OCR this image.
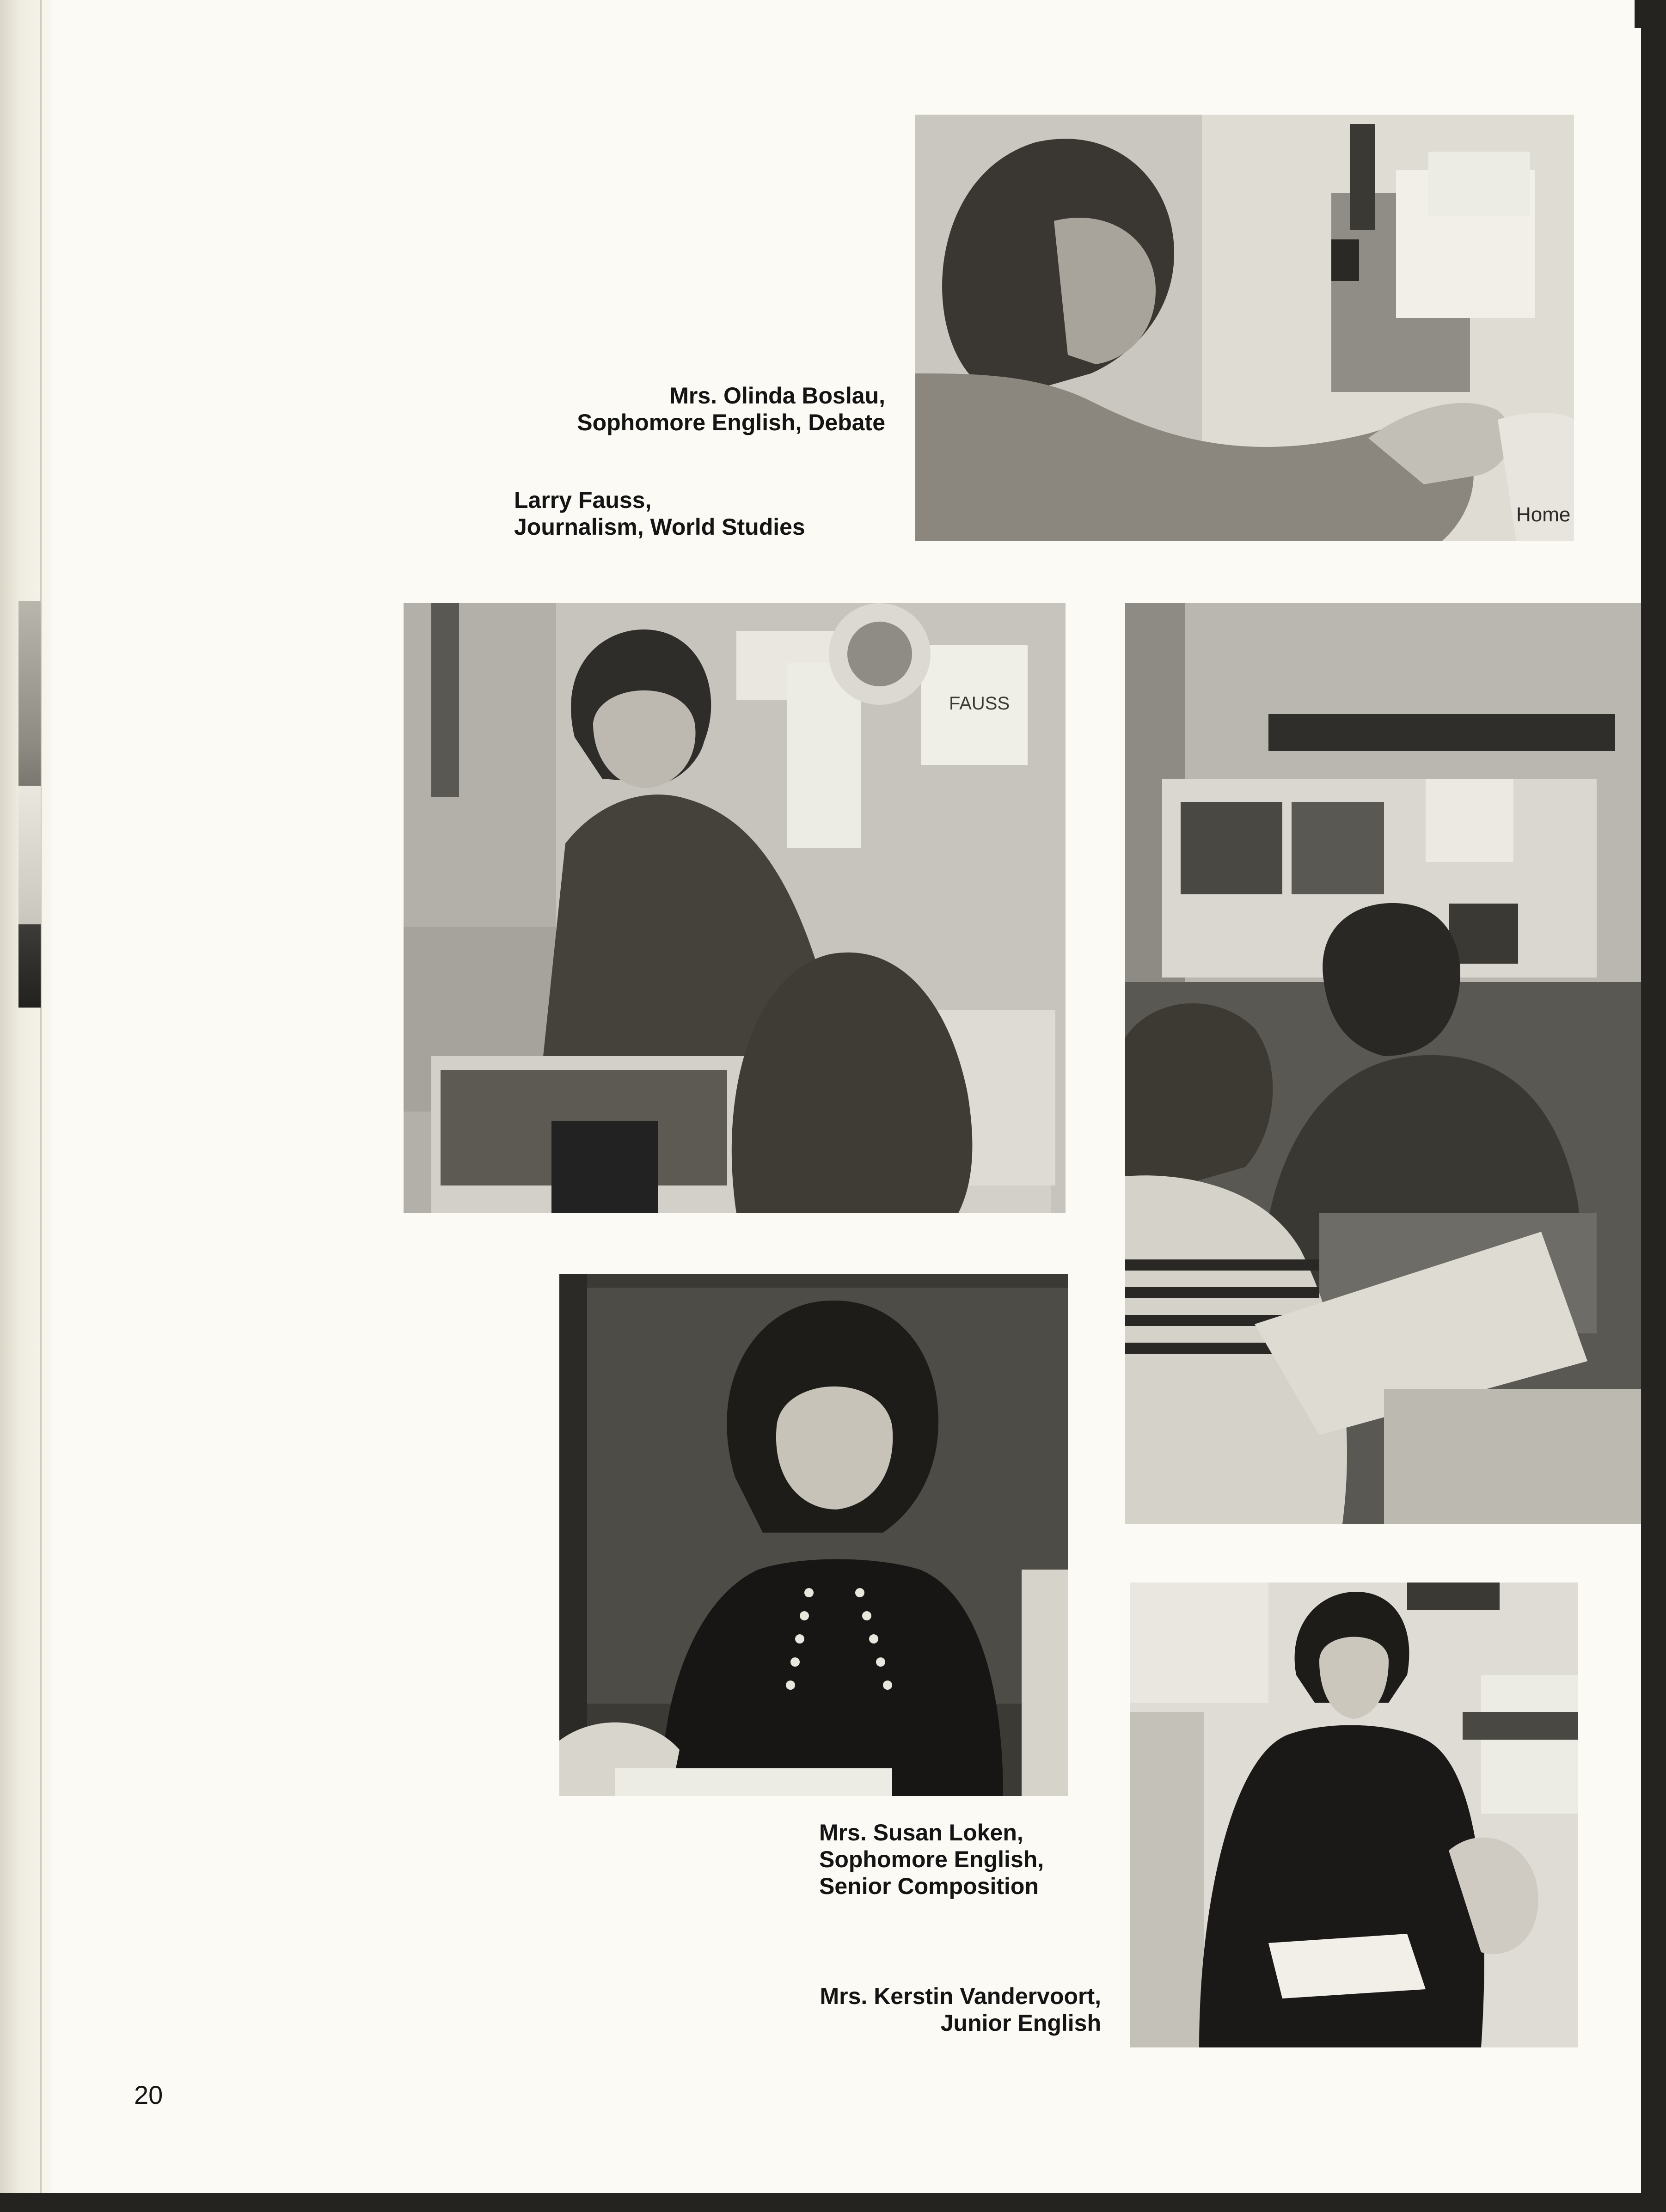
Mrs. Olinda Boslau,
Sophomore English, Debate
Larry Fauss,
Journalism, World Studies	Home
FAUSS
Mrs. Susan Loken,
Sophomore English,
Senior Composition
Mrs. Kerstin Vandervoort,
Junior English
20
